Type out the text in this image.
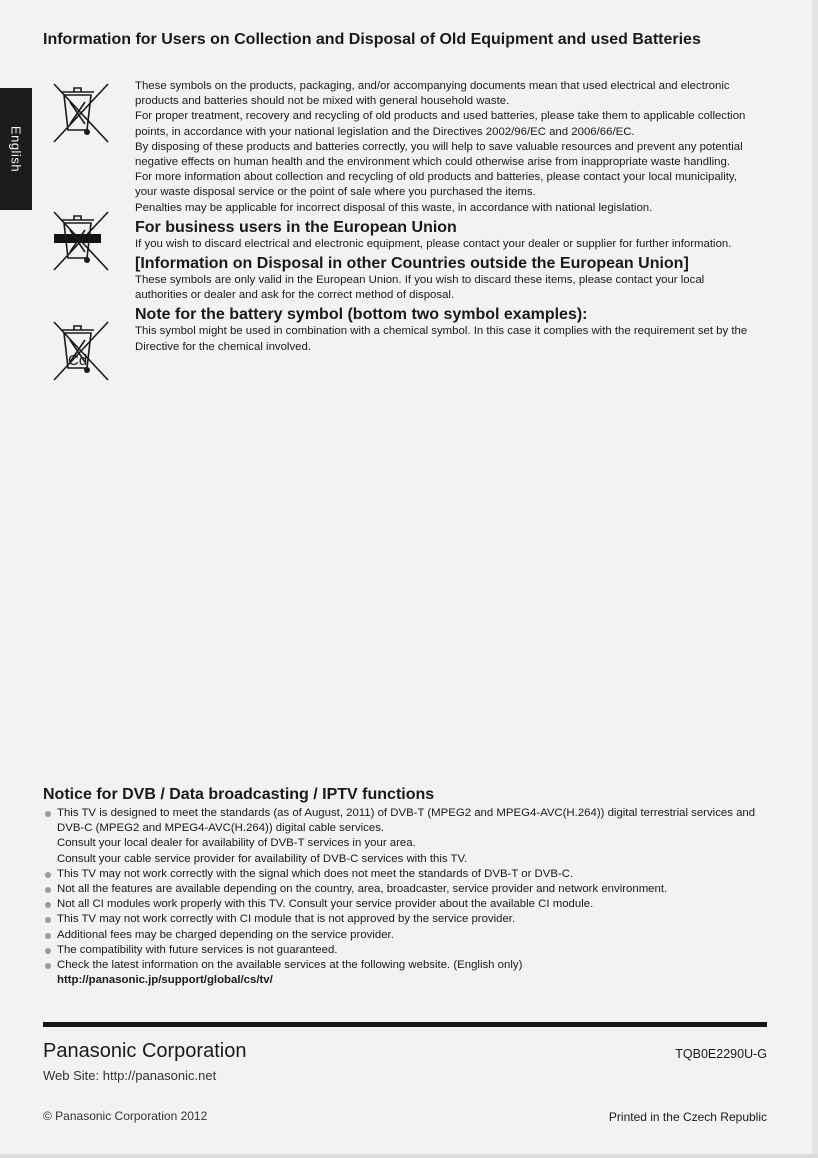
English
Information for Users on Collection and Disposal of Old Equipment and used Batteries
Cd

These symbols on the products, packaging, and/or accompanying documents mean that used electrical and electronic products and batteries should not be mixed with general household waste.

For proper treatment, recovery and recycling of old products and used batteries, please take them to applicable collection points, in accordance with your national legislation and the Directives 2002/96/EC and 2006/66/EC.

By disposing of these products and batteries correctly, you will help to save valuable resources and prevent any potential negative effects on human health and the environment which could otherwise arise from inappropriate waste handling.

For more information about collection and recycling of old products and batteries, please contact your local municipality, your waste disposal service or the point of sale where you purchased the items.

Penalties may be applicable for incorrect disposal of this waste, in accordance with national legislation.

For business users in the European Union

If you wish to discard electrical and electronic equipment, please contact your dealer or supplier for further information.

[Information on Disposal in other Countries outside the European Union]

These symbols are only valid in the European Union. If you wish to discard these items, please contact your local authorities or dealer and ask for the correct method of disposal.

Note for the battery symbol (bottom two symbol examples):

This symbol might be used in combination with a chemical symbol. In this case it complies with the requirement set by the Directive for the chemical involved.

Notice for DVB / Data broadcasting / IPTV functions
This TV is designed to meet the standards (as of August, 2011) of DVB-T (MPEG2 and MPEG4-AVC(H.264)) digital terrestrial services and DVB-C (MPEG2 and MPEG4-AVC(H.264)) digital cable services.
Consult your local dealer for availability of DVB-T services in your area.
Consult your cable service provider for availability of DVB-C services with this TV.
This TV may not work correctly with the signal which does not meet the standards of DVB-T or DVB-C.
Not all the features are available depending on the country, area, broadcaster, service provider and network environment.
Not all CI modules work properly with this TV. Consult your service provider about the available CI module.
This TV may not work correctly with CI module that is not approved by the service provider.
Additional fees may be charged depending on the service provider.
The compatibility with future services is not guaranteed.
Check the latest information on the available services at the following website. (English only)
http://panasonic.jp/support/global/cs/tv/
Panasonic Corporation	TQB0E2290U-G
Web Site: http://panasonic.net
© Panasonic Corporation 2012	Printed in the Czech Republic
